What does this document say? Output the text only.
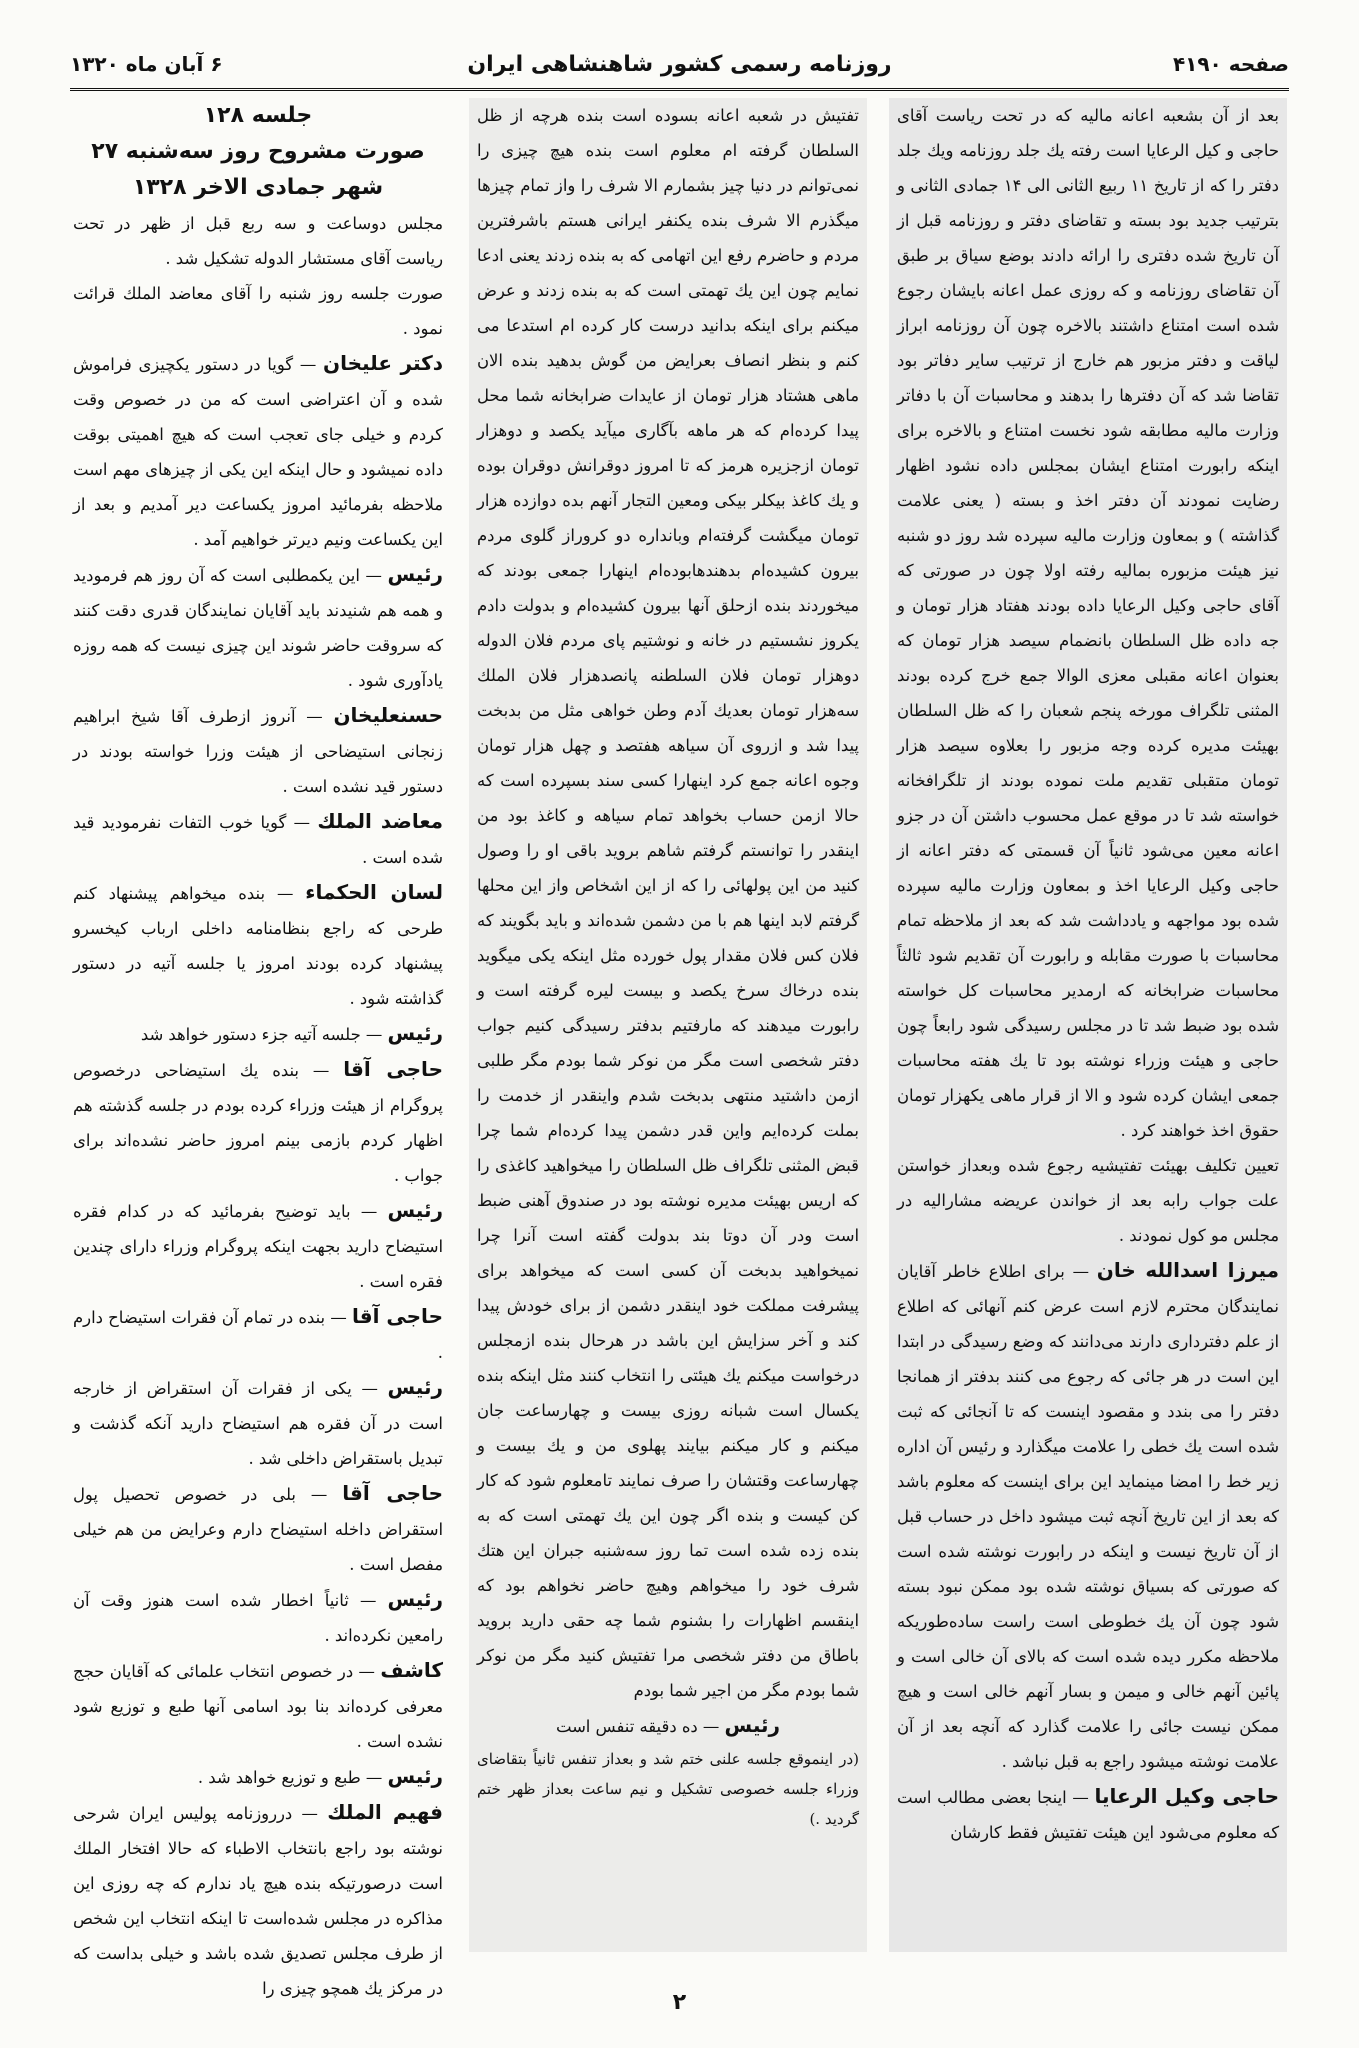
صفحه ۴۱۹۰
روزنامه رسمی کشور شاهنشاهی ایران
۶ آبان ماه ۱۳۲۰

بعد از آن بشعبه اعانه مالیه که در تحت ریاست آقای حاجی و کیل الرعایا است رفته یك جلد روزنامه ویك جلد دفتر را که از تاریخ ۱۱ ربیع الثانی الی ۱۴ جمادی الثانی و بترتیب جدید بود بسته و تقاضای دفتر و روزنامه قبل از آن تاریخ شده دفتری را ارائه دادند بوضع سیاق بر طبق آن تقاضای روزنامه و که روزی عمل اعانه بایشان رجوع شده است امتناع داشتند بالاخره چون آن روزنامه ابراز لیاقت و دفتر مزبور هم خارج از ترتیب سایر دفاتر بود تقاضا شد که آن دفترها را بدهند و محاسبات آن با دفاتر وزارت مالیه مطابقه شود نخست امتناع و بالاخره برای اینکه رابورت امتناع ایشان بمجلس داده نشود اظهار رضایت نمودند آن دفتر اخذ و بسته ( یعنی علامت گذاشته ) و بمعاون وزارت مالیه سپرده شد روز دو شنبه نیز هیئت مزبوره بمالیه رفته اولا چون در صورتی که آقای حاجی وکیل الرعایا داده بودند هفتاد هزار تومان و جه داده ظل السلطان بانضمام سیصد هزار تومان که بعنوان اعانه مقبلی معزی الوالا جمع خرج کرده بودند المثنی تلگراف مورخه پنجم شعبان را که ظل السلطان بهیئت مدیره کرده وجه مزبور را بعلاوه سیصد هزار تومان متقبلی تقدیم ملت نموده بودند از تلگرافخانه خواسته شد تا در موقع عمل محسوب داشتن آن در جزو اعانه معین می‌شود ثانیاً آن قسمتی که دفتر اعانه از حاجی وکیل الرعایا اخذ و بمعاون وزارت مالیه سپرده شده بود مواجهه و یادداشت شد که بعد از ملاحظه تمام محاسبات با صورت مقابله و رابورت آن تقدیم شود ثالثاً محاسبات ضرابخانه که ارمدیر محاسبات کل خواسته شده بود ضبط شد تا در مجلس رسیدگی شود رابعاً چون حاجی و هیئت وزراء نوشته بود تا یك هفته محاسبات جمعی ایشان کرده شود و الا از قرار ماهی یکهزار تومان حقوق اخذ خواهند کرد .

تعیین تکلیف بهیئت تفتیشیه رجوع شده وبعداز خواستن علت جواب رابه بعد از خواندن عریضه مشارالیه در مجلس مو کول نمودند .

میرزا اسدالله خان — برای اطلاع خاطر آقایان نمایندگان محترم لازم است عرض کنم آنهائی که اطلاع از علم دفترداری دارند می‌دانند که وضع رسیدگی در ابتدا این است در هر جائی که رجوع می کنند بدفتر از همانجا دفتر را می بندد و مقصود اینست که تا آنجائی که ثبت شده است یك خطی را علامت میگذارد و رئیس آن اداره زیر خط را امضا مینماید این برای اینست که معلوم باشد که بعد از این تاریخ آنچه ثبت میشود داخل در حساب قبل از آن تاریخ نیست و اینکه در رابورت نوشته شده است که صورتی که بسیاق نوشته شده بود ممکن نبود بسته شود چون آن یك خطوطی است راست ساده‌طوریکه ملاحظه مکرر دیده شده است که بالای آن خالی است و پائین آنهم خالی و میمن و بسار آنهم خالی است و هیچ ممکن نیست جائی را علامت گذارد که آنچه بعد از آن علامت نوشته میشود راجع به قبل نباشد .

حاجی وکیل الرعایا — اینجا بعضی مطالب است که معلوم می‌شود این هیئت تفتیش فقط کارشان

تفتیش در شعبه اعانه بسوده است بنده هرچه از ظل السلطان گرفته ام معلوم است بنده هیچ چیزی را نمی‌توانم در دنیا چیز بشمارم الا شرف را واز تمام چیزها میگذرم الا شرف بنده یکنفر ایرانی هستم باشرفترین مردم و حاضرم رفع این اتهامی که به بنده زدند یعنی ادعا نمایم چون این یك تهمتی است که به بنده زدند و عرض میکنم برای اینکه بدانید درست کار کرده ام استدعا می کنم و بنظر انصاف بعرایض من گوش بدهید بنده الان ماهی هشتاد هزار تومان از عایدات ضرابخانه شما محل پیدا کرده‌ام که هر ماهه بآگاری میآید یکصد و دوهزار تومان ازجزیره هرمز که تا امروز دوقرانش دوقران بوده و یك کاغذ بیکلر بیکی ومعین التجار آنهم بده دوازده هزار تومان میگشت گرفته‌ام وبانداره دو کروراز گلوی مردم بیرون کشیده‌ام بدهندهابوده‌ام اینهارا جمعی بودند که میخوردند بنده ازحلق آنها بیرون کشیده‌ام و بدولت دادم یکروز نشستیم در خانه و نوشتیم پای مردم فلان الدوله دوهزار تومان فلان السلطنه پانصدهزار فلان الملك سه‌هزار تومان بعدیك آدم وطن خواهی مثل من بدبخت پیدا شد و ازروی آن سیاهه هفتصد و چهل هزار تومان وجوه اعانه جمع کرد اینهارا کسی سند بسپرده است که حالا ازمن حساب بخواهد تمام سیاهه و کاغذ بود من اینقدر را توانستم گرفتم شاهم بروید باقی او را وصول کنید من این پولهائی را که از این اشخاص واز این محلها گرفتم لابد اینها هم با من دشمن شده‌اند و باید بگویند که فلان کس فلان مقدار پول خورده مثل اینکه یکی میگوید بنده درخاك سرخ یکصد و بیست لیره گرفته است و رابورت میدهند که مارفتیم بدفتر رسیدگی کنیم جواب دفتر شخصی است مگر من نوکر شما بودم مگر طلبی ازمن داشتید منتهی بدبخت شدم واینقدر از خدمت را بملت کرده‌ایم واین قدر دشمن پیدا کرده‌ام شما چرا قبض المثنی تلگراف ظل السلطان را میخواهید کاغذی را که اریس بهیئت مدیره نوشته بود در صندوق آهنی ضبط است ودر آن دوتا بند بدولت گفته است آنرا چرا نمیخواهید بدبخت آن کسی است که میخواهد برای پیشرفت مملکت خود اینقدر دشمن از برای خودش پیدا کند و آخر سزایش این باشد در هرحال بنده ازمجلس درخواست میکنم یك هیئتی را انتخاب کنند مثل اینکه بنده یکسال است شبانه روزی بیست و چهارساعت جان میکنم و کار میکنم بیایند پهلوی من و یك بیست و چهارساعت وقتشان را صرف نمایند تامعلوم شود که کار کن کیست و بنده اگر چون این یك تهمتی است که به بنده زده شده است تما روز سه‌شنبه جبران این هتك شرف خود را میخواهم وهیچ حاضر نخواهم بود که اینقسم اظهارات را بشنوم شما چه حقی دارید بروید باطاق من دفتر شخصی مرا تفتیش کنید مگر من نوکر شما بودم مگر من اجیر شما بودم

رئیس — ده دقیقه تنفس است

(در اینموقع جلسه علنی ختم شد و بعداز تنفس ثانیاً بتقاضای وزراء جلسه خصوصی تشکیل و نیم ساعت بعداز ظهر ختم گردید .)

جلسه ۱۲۸

صورت مشروح روز سه‌شنبه ۲۷ شهر جمادی الاخر ۱۳۲۸

مجلس دوساعت و سه ربع قبل از ظهر در تحت ریاست آقای مستشار الدوله تشکیل شد .

صورت جلسه روز شنبه را آقای معاضد الملك قرائت نمود .

دکتر علیخان — گویا در دستور یکچیزی فراموش شده و آن اعتراضی است که من در خصوص وقت کردم و خیلی جای تعجب است که هیچ اهمیتی بوقت داده نمیشود و حال اینکه این یکی از چیزهای مهم است ملاحظه بفرمائید امروز یکساعت دیر آمدیم و بعد از این یکساعت ونیم دیرتر خواهیم آمد .

رئیس — این یکمطلبی است که آن روز هم فرمودید و همه هم شنیدند باید آقایان نمایندگان قدری دقت کنند که سروقت حاضر شوند این چیزی نیست که همه روزه یادآوری شود .

حسنعلیخان — آنروز ازطرف آقا شیخ ابراهیم زنجانی استیضاحی از هیئت وزرا خواسته بودند در دستور قید نشده است .

معاضد الملك — گویا خوب التفات نفرمودید قید شده است .

لسان الحکماء — بنده میخواهم پیشنهاد کنم طرحی که راجع بنظامنامه داخلی ارباب کیخسرو پیشنهاد کرده بودند امروز یا جلسه آتیه در دستور گذاشته شود .

رئیس — جلسه آتیه جزء دستور خواهد شد

حاجی آقا — بنده یك استیضاحی درخصوص پروگرام از هیئت وزراء کرده بودم در جلسه گذشته هم اظهار کردم بازمی بینم امروز حاضر نشده‌اند برای جواب .

رئیس — باید توضیح بفرمائید که در کدام فقره استیضاح دارید بجهت اینکه پروگرام وزراء دارای چندین فقره است .

حاجی آقا — بنده در تمام آن فقرات استیضاح دارم .

رئیس — یکی از فقرات آن استقراض از خارجه است در آن فقره هم استیضاح دارید آنکه گذشت و تبدیل باستقراض داخلی شد .

حاجی آقا — بلی در خصوص تحصیل پول استقراض داخله استیضاح دارم وعرایض من هم خیلی مفصل است .

رئیس — ثانیاً اخطار شده است هنوز وقت آن رامعین نکرده‌اند .

کاشف — در خصوص انتخاب علمائی که آقایان حجج معرفی کرده‌اند بنا بود اسامی آنها طبع و توزیع شود نشده است .

رئیس — طبع و توزیع خواهد شد .

فهیم الملك — درروزنامه پولیس ایران شرحی نوشته بود راجع بانتخاب الاطباء که حالا افتخار الملك است درصورتیکه بنده هیچ یاد ندارم که چه روزی این مذاکره در مجلس شده‌است تا اینکه انتخاب این شخص از طرف مجلس تصدیق شده باشد و خیلی بداست که در مرکز یك همچو چیزی را

۲
